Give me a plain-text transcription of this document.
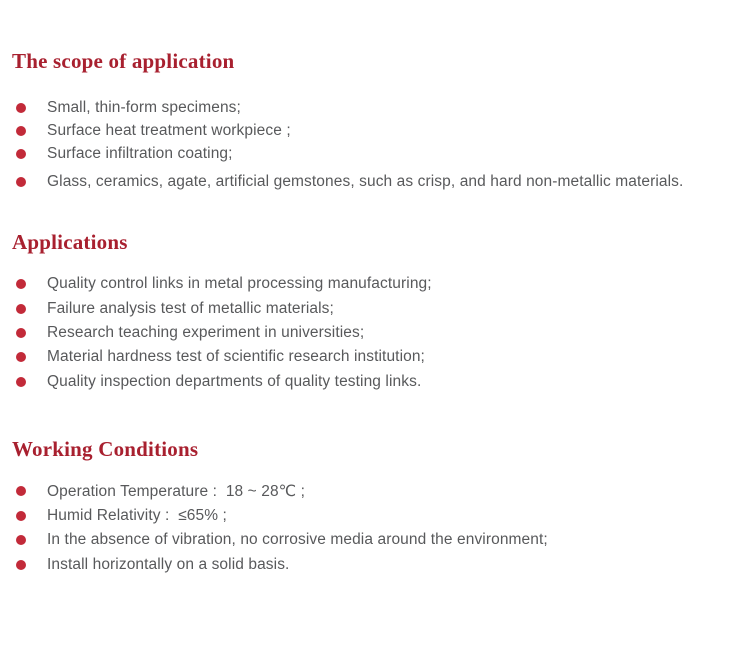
The scope of application
Small, thin-form specimens;
Surface heat treatment workpiece ;
Surface infiltration coating;
Glass, ceramics, agate, artificial gemstones, such as crisp, and hard non-metallic materials.
Applications
Quality control links in metal processing manufacturing;
Failure analysis test of metallic materials;
Research teaching experiment in universities;
Material hardness test of scientific research institution;
Quality inspection departments of quality testing links.
Working Conditions
Operation Temperature :  18 ~ 28℃ ;
Humid Relativity :  ≤65% ;
In the absence of vibration, no corrosive media around the environment;
Install horizontally on a solid basis.
